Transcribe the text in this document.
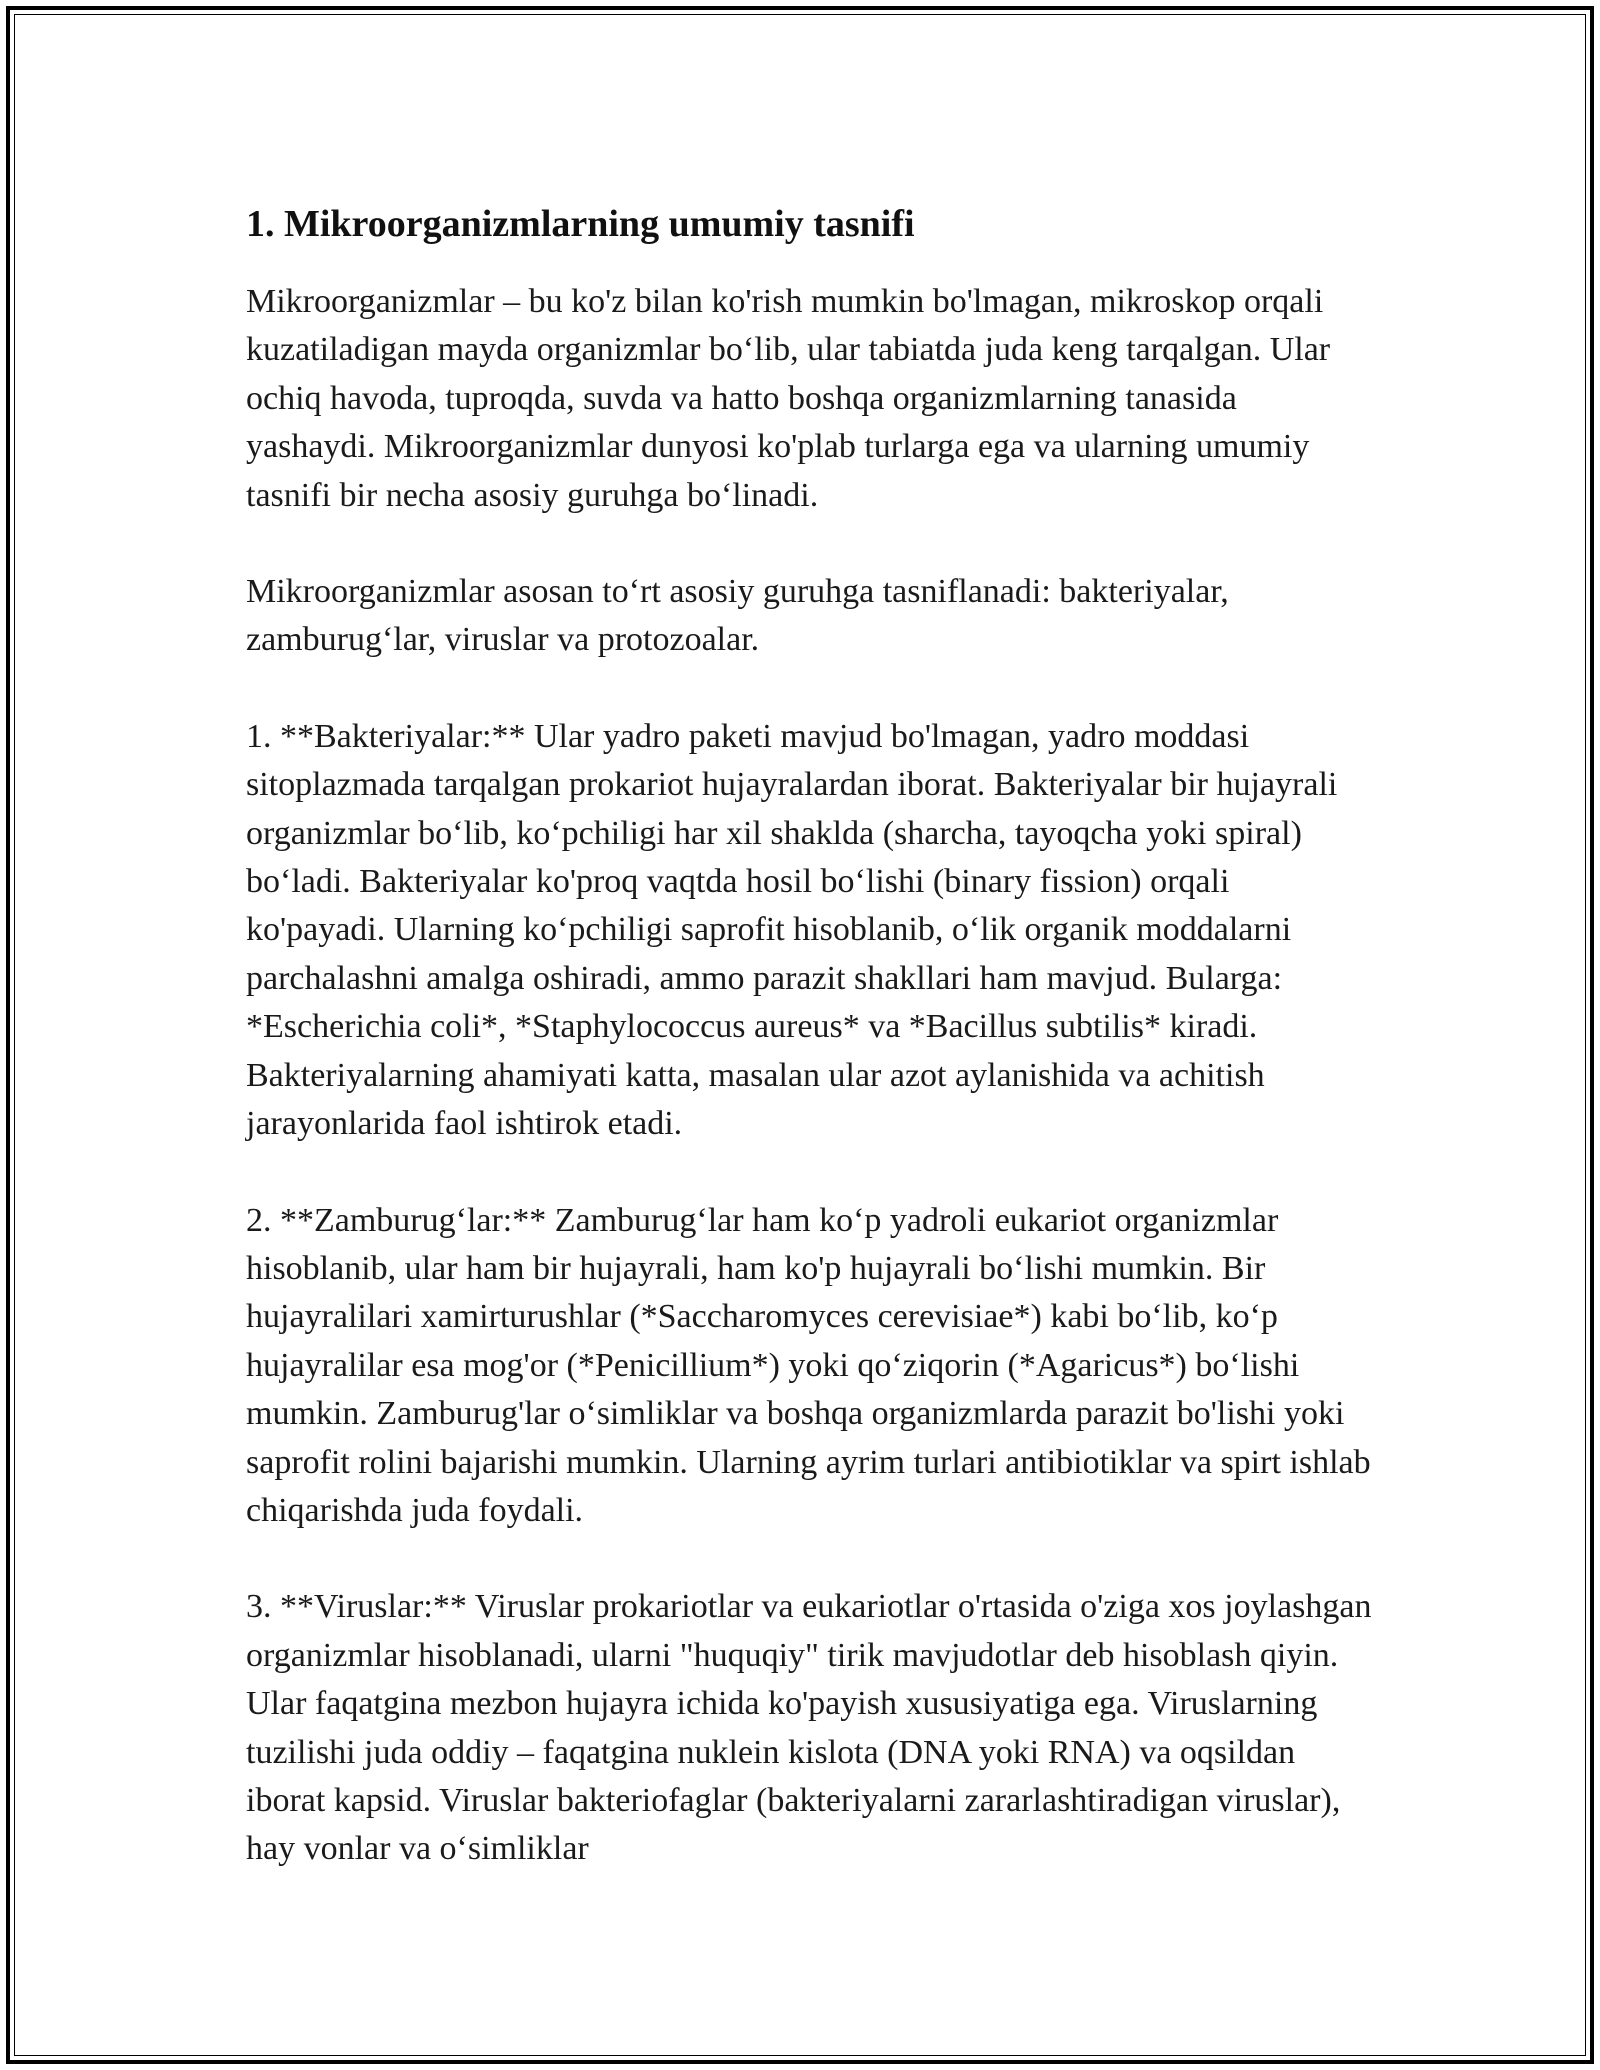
1. Mikroorganizmlarning umumiy tasnifi

Mikroorganizmlar – bu ko'z bilan ko'rish mumkin bo'lmagan, mikroskop orqali kuzatiladigan mayda organizmlar bo‘lib, ular tabiatda juda keng tarqalgan. Ular ochiq havoda, tuproqda, suvda va hatto boshqa organizmlarning tanasida yashaydi. Mikroorganizmlar dunyosi ko'plab turlarga ega va ularning umumiy tasnifi bir necha asosiy guruhga bo‘linadi.

Mikroorganizmlar asosan to‘rt asosiy guruhga tasniflanadi: bakteriyalar, zamburug‘lar, viruslar va protozoalar.

1. **Bakteriyalar:** Ular yadro paketi mavjud bo'lmagan, yadro moddasi sitoplazmada tarqalgan prokariot hujayralardan iborat. Bakteriyalar bir hujayrali organizmlar bo‘lib, ko‘pchiligi har xil shaklda (sharcha, tayoqcha yoki spiral) bo‘ladi. Bakteriyalar ko'proq vaqtda hosil bo‘lishi (binary fission) orqali ko'payadi. Ularning ko‘pchiligi saprofit hisoblanib, o‘lik organik moddalarni parchalashni amalga oshiradi, ammo parazit shakllari ham mavjud. Bularga: *Escherichia coli*, *Staphylococcus aureus* va *Bacillus subtilis* kiradi. Bakteriyalarning ahamiyati katta, masalan ular azot aylanishida va achitish jarayonlarida faol ishtirok etadi.

2. **Zamburug‘lar:** Zamburug‘lar ham ko‘p yadroli eukariot organizmlar hisoblanib, ular ham bir hujayrali, ham ko'p hujayrali bo‘lishi mumkin. Bir hujayralilari xamirturushlar (*Saccharomyces cerevisiae*) kabi bo‘lib, ko‘p hujayralilar esa mog'or (*Penicillium*) yoki qo‘ziqorin (*Agaricus*) bo‘lishi mumkin. Zamburug'lar o‘simliklar va boshqa organizmlarda parazit bo'lishi yoki saprofit rolini bajarishi mumkin. Ularning ayrim turlari antibiotiklar va spirt ishlab chiqarishda juda foydali.

3. **Viruslar:** Viruslar prokariotlar va eukariotlar o'rtasida o'ziga xos joylashgan organizmlar hisoblanadi, ularni "huquqiy" tirik mavjudotlar deb hisoblash qiyin. Ular faqatgina mezbon hujayra ichida ko'payish xususiyatiga ega. Viruslarning tuzilishi juda oddiy – faqatgina nuklein kislota (DNA yoki RNA) va oqsildan iborat kapsid. Viruslar bakteriofaglar (bakteriyalarni zararlashtiradigan viruslar), hay vonlar va o‘simliklar
